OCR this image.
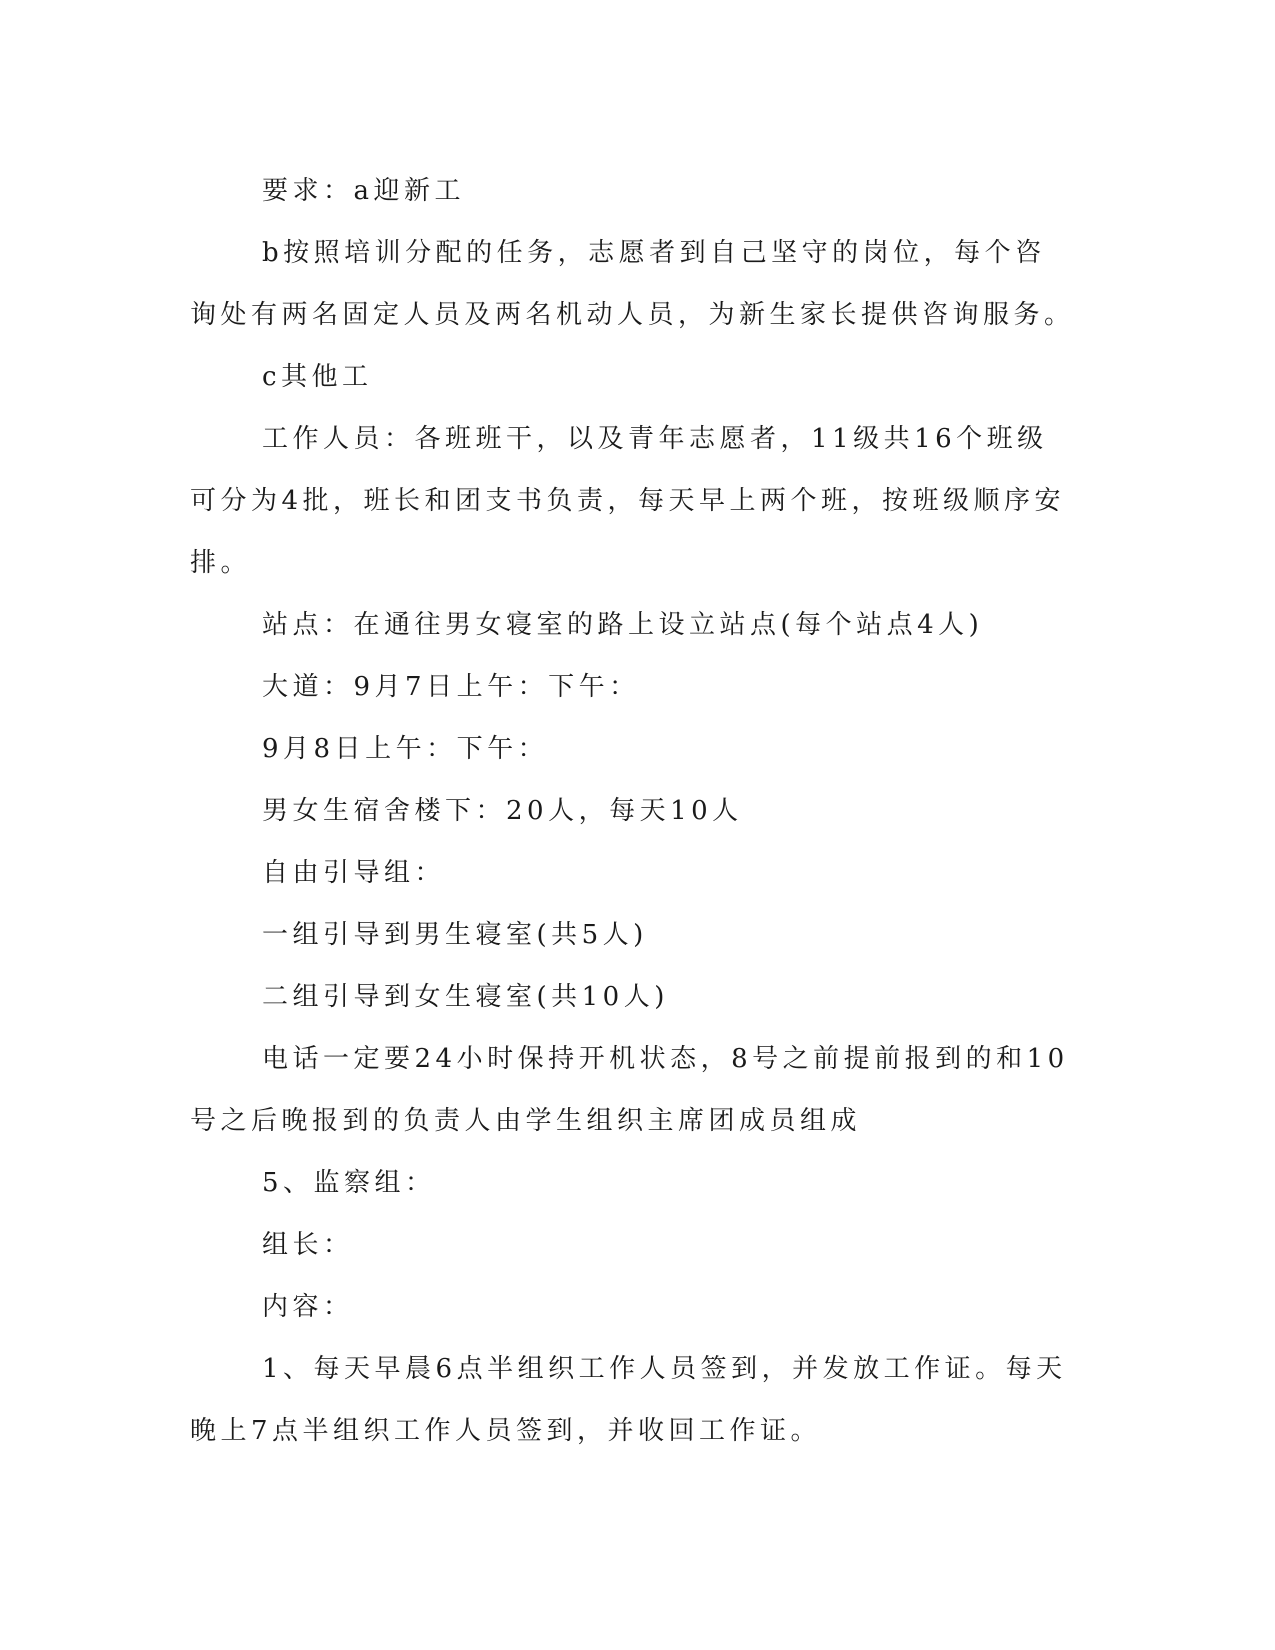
要求：a迎新工

b按照培训分配的任务，志愿者到自己坚守的岗位，每个咨询处有两名固定人员及两名机动人员，为新生家长提供咨询服务。

c其他工

工作人员：各班班干，以及青年志愿者，11级共16个班级可分为4批，班长和团支书负责，每天早上两个班，按班级顺序安排。

站点：在通往男女寝室的路上设立站点(每个站点4人)

大道：9月7日上午：下午：

9月8日上午：下午：

男女生宿舍楼下：20人，每天10人

自由引导组：

一组引导到男生寝室(共5人)

二组引导到女生寝室(共10人)

电话一定要24小时保持开机状态，8号之前提前报到的和10号之后晚报到的负责人由学生组织主席团成员组成

5、监察组：

组长：

内容：

1、每天早晨6点半组织工作人员签到，并发放工作证。每天晚上7点半组织工作人员签到，并收回工作证。
